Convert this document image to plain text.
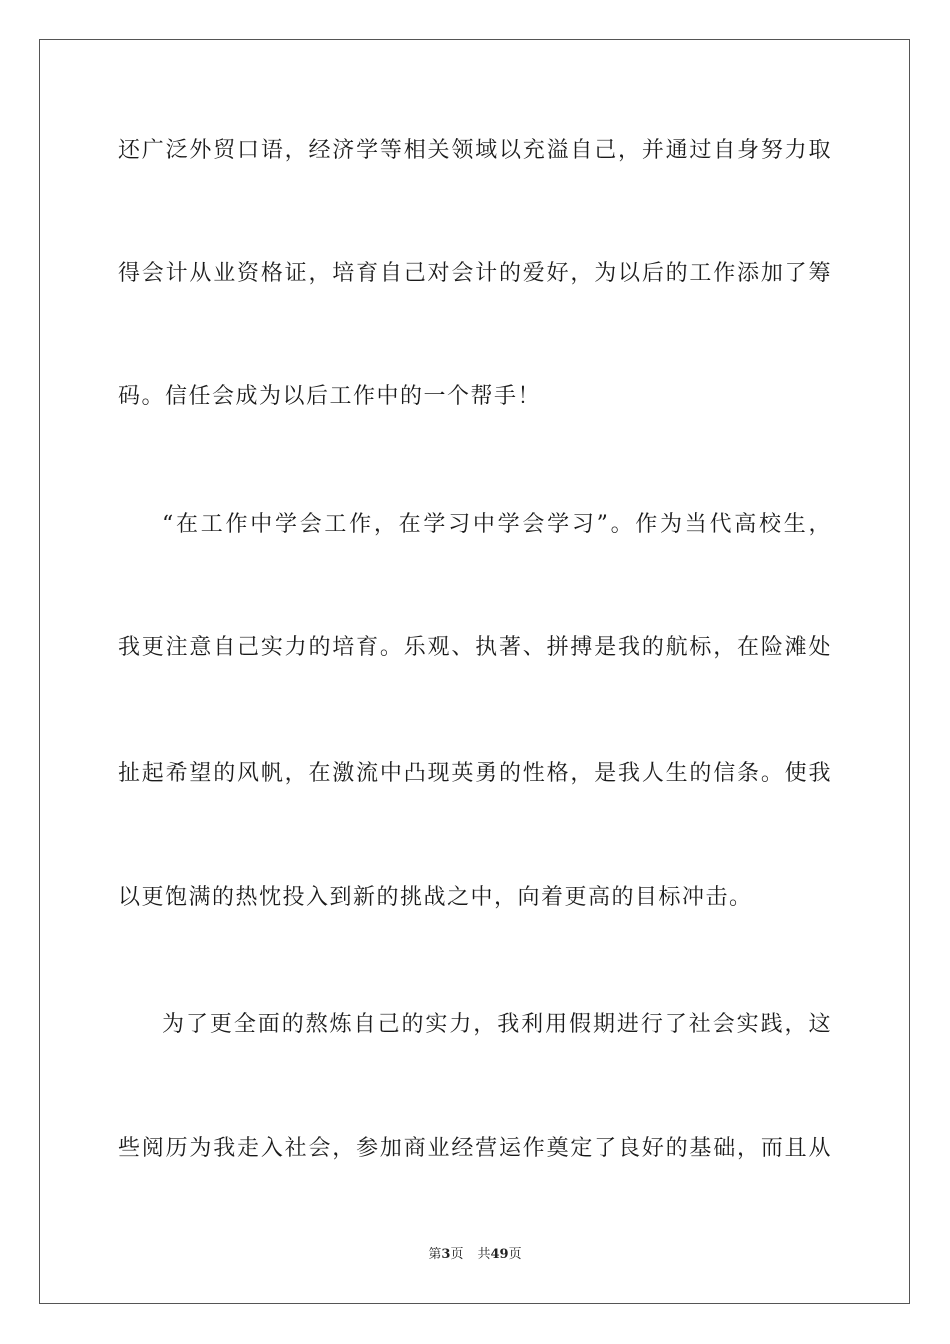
还广泛外贸口语，经济学等相关领域以充溢自己，并通过自身努力取
得会计从业资格证，培育自己对会计的爱好，为以后的工作添加了筹
码。信任会成为以后工作中的一个帮手！
“在工作中学会工作，在学习中学会学习”。作为当代高校生，
我更注意自己实力的培育。乐观、执著、拼搏是我的航标，在险滩处
扯起希望的风帆，在激流中凸现英勇的性格，是我人生的信条。使我
以更饱满的热忱投入到新的挑战之中，向着更高的目标冲击。
为了更全面的熬炼自己的实力，我利用假期进行了社会实践，这
些阅历为我走入社会，参加商业经营运作奠定了良好的基础，而且从
第3页 共49页
